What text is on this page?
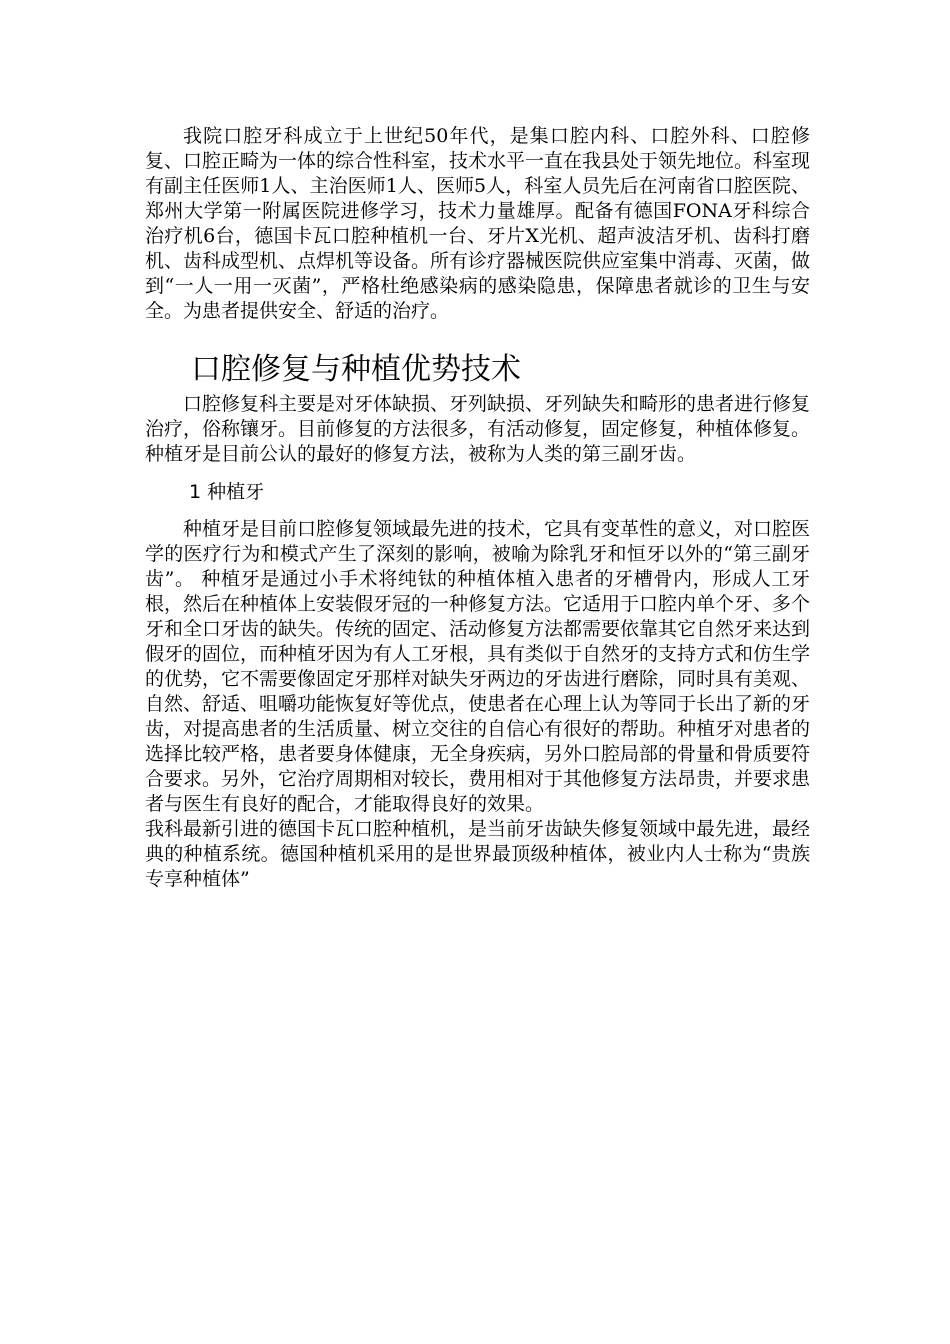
我院口腔牙科成立于上世纪50年代，是集口腔内科、口腔外科、口腔修复、口腔正畸为一体的综合性科室，技术水平一直在我县处于领先地位。科室现有副主任医师1人、主治医师1人、医师5人，科室人员先后在河南省口腔医院、郑州大学第一附属医院进修学习，技术力量雄厚。配备有德国FONA牙科综合治疗机6台，德国卡瓦口腔种植机一台、牙片X光机、超声波洁牙机、齿科打磨机、齿科成型机、点焊机等设备。所有诊疗器械医院供应室集中消毒、灭菌，做到“一人一用一灭菌”，严格杜绝感染病的感染隐患，保障患者就诊的卫生与安全。为患者提供安全、舒适的治疗。

口腔修复与种植优势技术

口腔修复科主要是对牙体缺损、牙列缺损、牙列缺失和畸形的患者进行修复治疗，俗称镶牙。目前修复的方法很多，有活动修复，固定修复，种植体修复。种植牙是目前公认的最好的修复方法，被称为人类的第三副牙齿。

1 种植牙

种植牙是目前口腔修复领域最先进的技术，它具有变革性的意义，对口腔医学的医疗行为和模式产生了深刻的影响，被喻为除乳牙和恒牙以外的“第三副牙齿”。 种植牙是通过小手术将纯钛的种植体植入患者的牙槽骨内，形成人工牙根，然后在种植体上安装假牙冠的一种修复方法。它适用于口腔内单个牙、多个牙和全口牙齿的缺失。传统的固定、活动修复方法都需要依靠其它自然牙来达到假牙的固位，而种植牙因为有人工牙根，具有类似于自然牙的支持方式和仿生学的优势，它不需要像固定牙那样对缺失牙两边的牙齿进行磨除，同时具有美观、自然、舒适、咀嚼功能恢复好等优点，使患者在心理上认为等同于长出了新的牙齿，对提高患者的生活质量、树立交往的自信心有很好的帮助。种植牙对患者的选择比较严格，患者要身体健康，无全身疾病，另外口腔局部的骨量和骨质要符合要求。另外，它治疗周期相对较长，费用相对于其他修复方法昂贵，并要求患者与医生有良好的配合，才能取得良好的效果。

我科最新引进的德国卡瓦口腔种植机，是当前牙齿缺失修复领域中最先进，最经典的种植系统。德国种植机采用的是世界最顶级种植体，被业内人士称为“贵族专享种植体”
